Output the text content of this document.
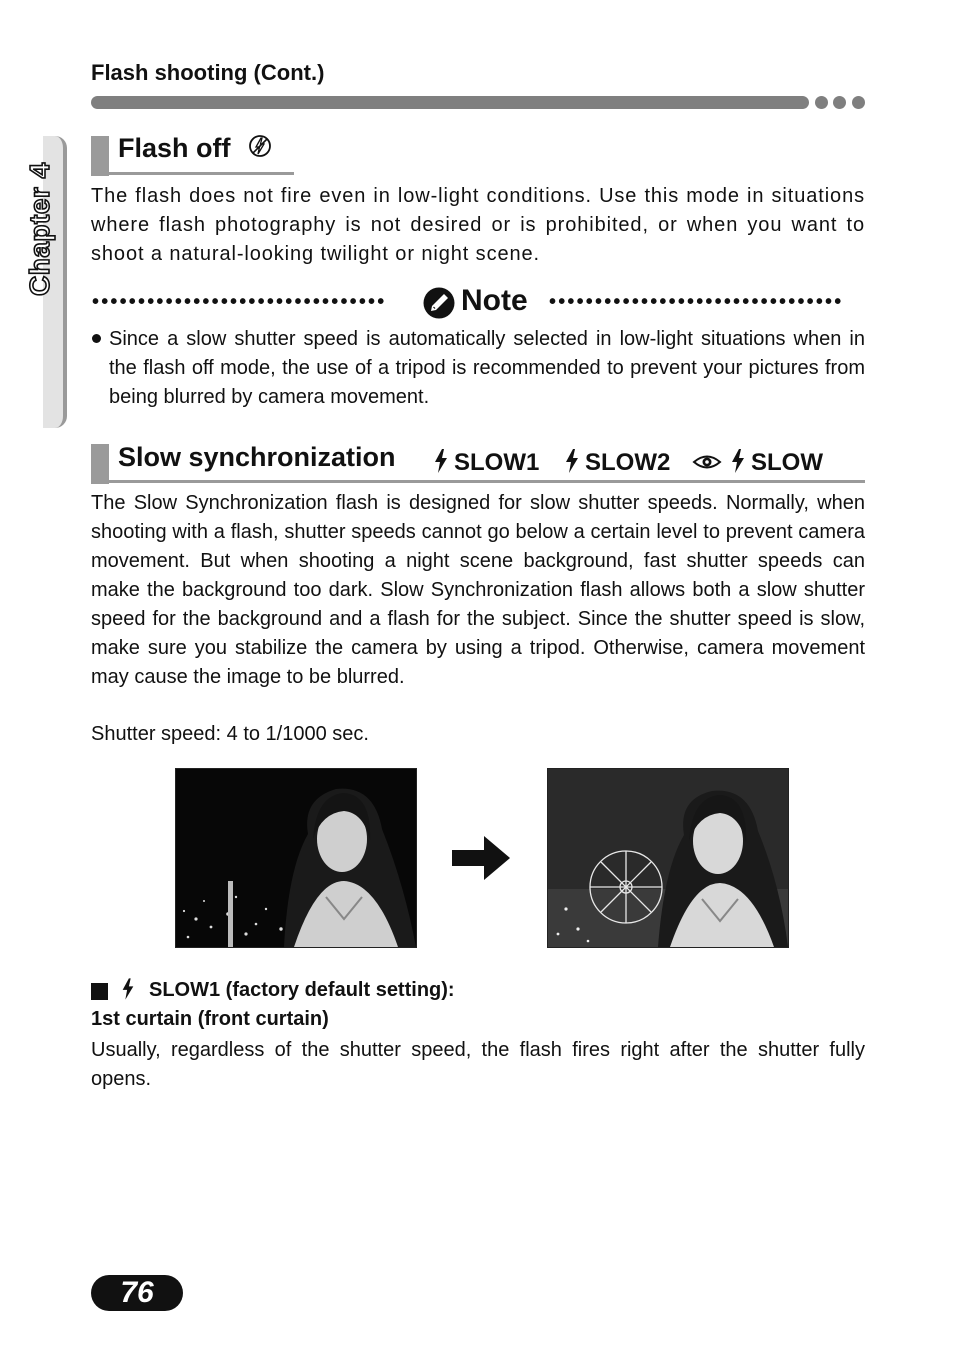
Flash shooting (Cont.)
Chapter 4
Flash off

The flash does not fire even in low-light conditions. Use this mode in situations where flash photography is not desired or is prohibited, or when you want to shoot a natural-looking twilight or night scene.

••••••••••••••••••••••••••••••••	Note ••••••••••••••••••••••••••••••••

Since a slow shutter speed is automatically selected in low-light situations when in the flash off mode, the use of a tripod is recommended to prevent your pictures from being blurred by camera movement.

Slow synchronization SLOW1 SLOW2	SLOW

The Slow Synchronization flash is designed for slow shutter speeds. Normally, when shooting with a flash, shutter speeds cannot go below a certain level to prevent camera movement. But when shooting a night scene background, fast shutter speeds can make the background too dark. Slow Synchronization flash allows both a slow shutter speed for the background and a flash for the subject. Since the shutter speed is slow, make sure you stabilize the camera by using a tripod. Otherwise, camera movement may cause the image to be blurred.

Shutter speed: 4 to 1/1000 sec.

SLOW1 (factory default setting):
1st curtain (front curtain)

Usually, regardless of the shutter speed, the flash fires right after the shutter fully opens.

76
